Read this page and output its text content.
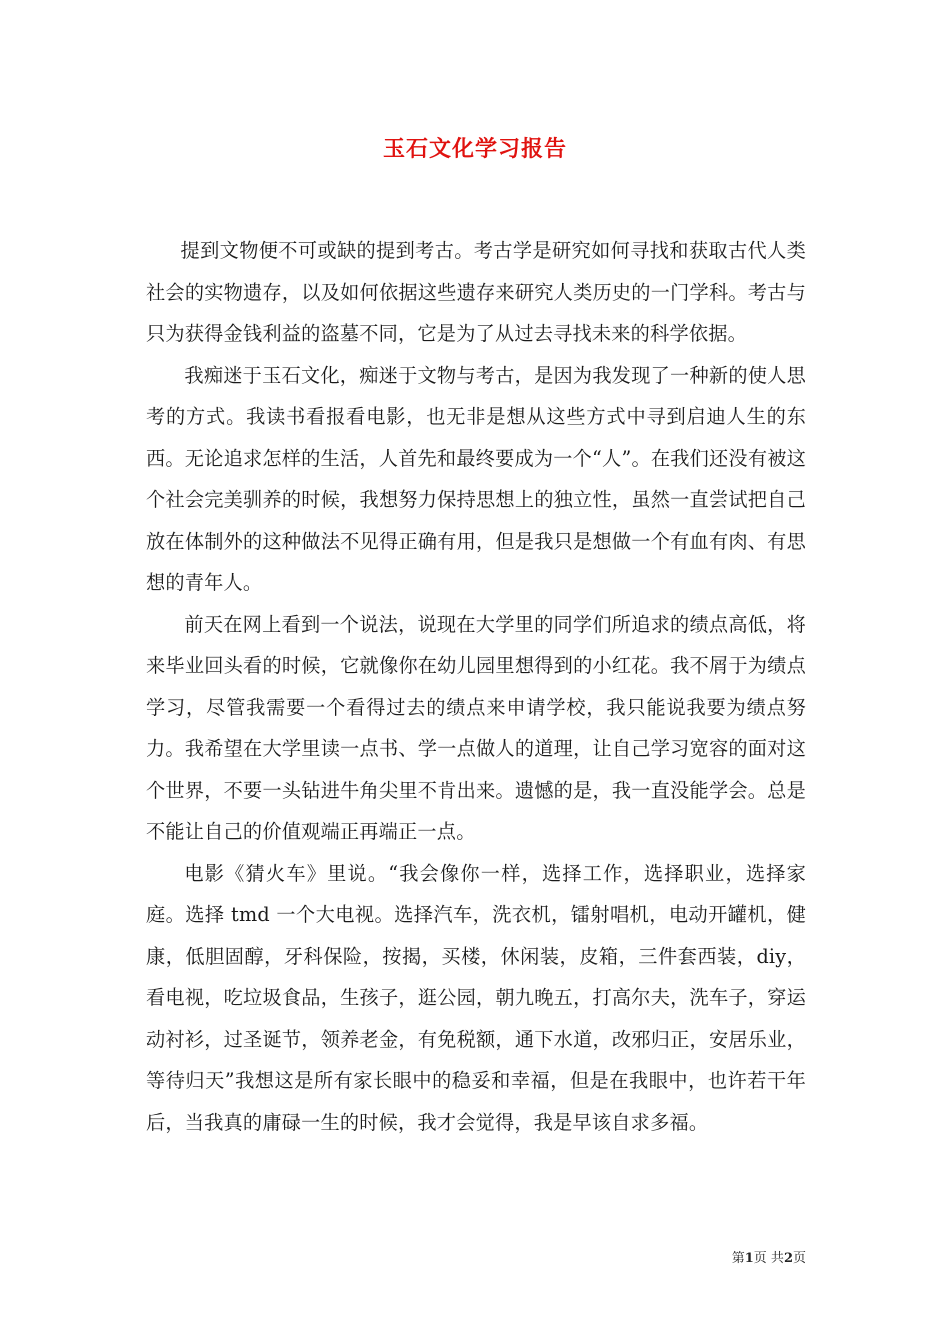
玉石文化学习报告

提到文物便不可或缺的提到考古。考古学是研究如何寻找和获取古代人类社会的实物遗存，以及如何依据这些遗存来研究人类历史的一门学科。考古与只为获得金钱利益的盗墓不同，它是为了从过去寻找未来的科学依据。

我痴迷于玉石文化，痴迷于文物与考古，是因为我发现了一种新的使人思考的方式。我读书看报看电影，也无非是想从这些方式中寻到启迪人生的东西。无论追求怎样的生活，人首先和最终要成为一个“人”。在我们还没有被这个社会完美驯养的时候，我想努力保持思想上的独立性，虽然一直尝试把自己放在体制外的这种做法不见得正确有用，但是我只是想做一个有血有肉、有思想的青年人。

前天在网上看到一个说法，说现在大学里的同学们所追求的绩点高低，将来毕业回头看的时候，它就像你在幼儿园里想得到的小红花。我不屑于为绩点学习，尽管我需要一个看得过去的绩点来申请学校，我只能说我要为绩点努力。我希望在大学里读一点书、学一点做人的道理，让自己学习宽容的面对这个世界，不要一头钻进牛角尖里不肯出来。遗憾的是，我一直没能学会。总是不能让自己的价值观端正再端正一点。

电影《猜火车》里说。“我会像你一样，选择工作，选择职业，选择家庭。选择 tmd 一个大电视。选择汽车，洗衣机，镭射唱机，电动开罐机，健康，低胆固醇，牙科保险，按揭，买楼，休闲装，皮箱，三件套西装，diy，看电视，吃垃圾食品，生孩子，逛公园，朝九晚五，打高尔夫，洗车子，穿运动衬衫，过圣诞节，领养老金，有免税额，通下水道，改邪归正，安居乐业，等待归天”我想这是所有家长眼中的稳妥和幸福，但是在我眼中，也许若干年后，当我真的庸碌一生的时候，我才会觉得，我是早该自求多福。

第1页 共2页
